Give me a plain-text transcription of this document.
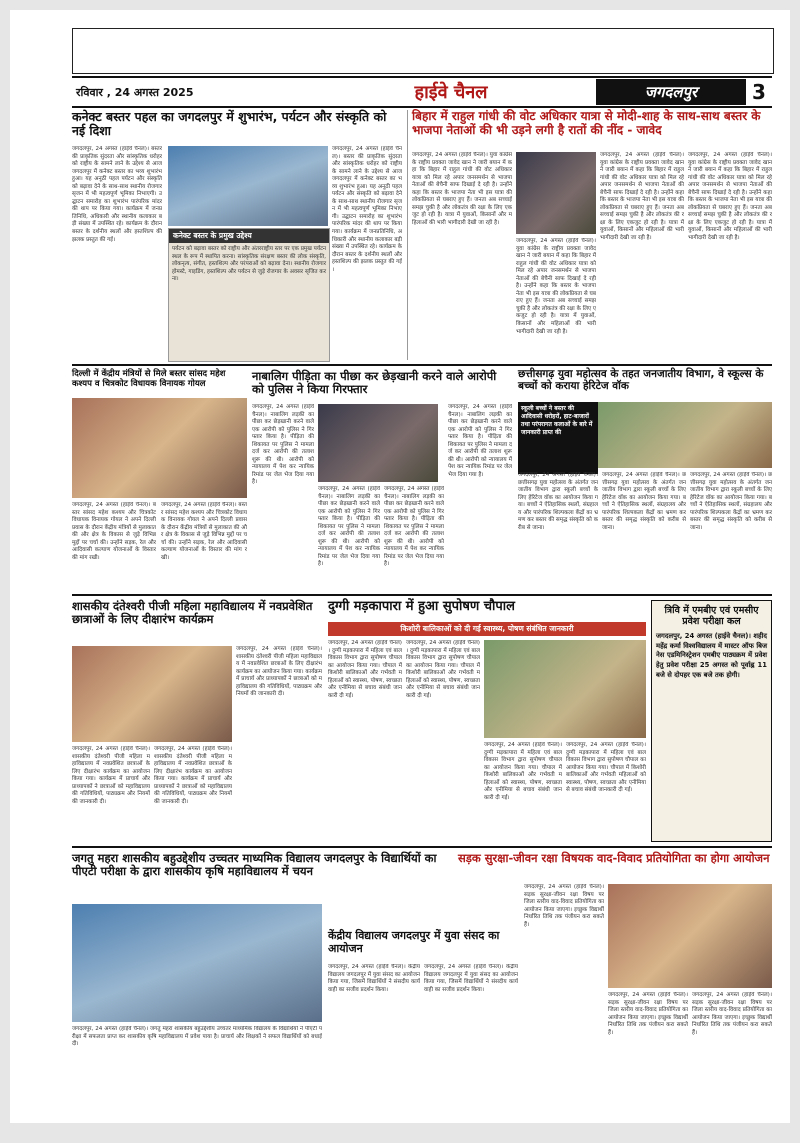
रविवार , 24 अगस्त 2025	हाईवे चैनल	जगदलपुर	3
कनेक्ट बस्तर पहल का जगदलपुर में शुभारंभ, पर्यटन और संस्कृति को नई दिशा
जगदलपुर, 24 अगस्त (हाईवे चैनल)। बस्तर की प्राकृतिक सुंदरता और सांस्कृतिक धरोहर को राष्ट्रीय के सामने लाने के उद्देश्य से आज जगदलपुर में कनेक्ट बस्तर का भव्य शुभारंभ हुआ। यह अनूठी पहल पर्यटन और संस्कृति को बढ़ावा देने के साथ-साथ स्थानीय रोजगार सृजन में भी महत्वपूर्ण भूमिका निभाएगी। उद्घाटन समारोह का शुभारंभ पारंपरिक मांदर की थाप पर किया गया। कार्यक्रम में जनप्रतिनिधि, अधिकारी और स्थानीय कलाकार बड़ी संख्या में उपस्थित रहे। कार्यक्रम के दौरान बस्तर के दर्शनीय स्थलों और हस्तशिल्प की झलक प्रस्तुत की गई।
जगदलपुर, 24 अगस्त (हाईवे चैनल)। बस्तर की प्राकृतिक सुंदरता और सांस्कृतिक धरोहर को राष्ट्रीय के सामने लाने के उद्देश्य से आज जगदलपुर में कनेक्ट बस्तर का भव्य शुभारंभ हुआ। यह अनूठी पहल पर्यटन और संस्कृति को बढ़ावा देने के साथ-साथ स्थानीय रोजगार सृजन में भी महत्वपूर्ण भूमिका निभाएगी। उद्घाटन समारोह का शुभारंभ पारंपरिक मांदर की थाप पर किया गया। कार्यक्रम में जनप्रतिनिधि, अधिकारी और स्थानीय कलाकार बड़ी संख्या में उपस्थित रहे। कार्यक्रम के दौरान बस्तर के दर्शनीय स्थलों और हस्तशिल्प की झलक प्रस्तुत की गई।
कनेक्ट बस्तर के प्रमुख उद्देश्य
पर्यटन को बढ़ावा बस्तर को राष्ट्रीय और अंतरराष्ट्रीय स्तर पर एक प्रमुख पर्यटन स्थल के रूप में स्थापित करना। सांस्कृतिक संरक्षण बस्तर की लोक संस्कृति, लोकनृत्य, संगीत, हस्तशिल्प और परंपराओं को बढ़ावा देना। स्थानीय रोजगार होमस्टे, गाइडिंग, हस्तशिल्प और पर्यटन से जुड़े रोजगार के अवसर सृजित करना।
बिहार में राहुल गांधी की वोट अधिकार यात्रा से मोदी-शाह के साथ-साथ बस्तर के भाजपा नेताओं की भी उड़ने लगी है रातों की नींद - जावेद
जगदलपुर, 24 अगस्त (हाईवे चैनल)। युवा कांग्रेस के राष्ट्रीय प्रवक्ता जावेद खान ने जारी बयान में कहा कि बिहार में राहुल गांधी की वोट अधिकार यात्रा को मिल रहे अपार जनसमर्थन से भाजपा नेताओं की बेचैनी साफ दिखाई दे रही है। उन्होंने कहा कि बस्तर के भाजपा नेता भी इस यात्रा की लोकप्रियता से घबराए हुए हैं। जनता अब सच्चाई समझ चुकी है और लोकतंत्र की रक्षा के लिए एकजुट हो रही है। यात्रा में युवाओं, किसानों और महिलाओं की भारी भागीदारी देखी जा रही है।
जगदलपुर, 24 अगस्त (हाईवे चैनल)। युवा कांग्रेस के राष्ट्रीय प्रवक्ता जावेद खान ने जारी बयान में कहा कि बिहार में राहुल गांधी की वोट अधिकार यात्रा को मिल रहे अपार जनसमर्थन से भाजपा नेताओं की बेचैनी साफ दिखाई दे रही है। उन्होंने कहा कि बस्तर के भाजपा नेता भी इस यात्रा की लोकप्रियता से घबराए हुए हैं। जनता अब सच्चाई समझ चुकी है और लोकतंत्र की रक्षा के लिए एकजुट हो रही है। यात्रा में युवाओं, किसानों और महिलाओं की भारी भागीदारी देखी जा रही है।
जगदलपुर, 24 अगस्त (हाईवे चैनल)। युवा कांग्रेस के राष्ट्रीय प्रवक्ता जावेद खान ने जारी बयान में कहा कि बिहार में राहुल गांधी की वोट अधिकार यात्रा को मिल रहे अपार जनसमर्थन से भाजपा नेताओं की बेचैनी साफ दिखाई दे रही है। उन्होंने कहा कि बस्तर के भाजपा नेता भी इस यात्रा की लोकप्रियता से घबराए हुए हैं। जनता अब सच्चाई समझ चुकी है और लोकतंत्र की रक्षा के लिए एकजुट हो रही है। यात्रा में युवाओं, किसानों और महिलाओं की भारी भागीदारी देखी जा रही है।
जगदलपुर, 24 अगस्त (हाईवे चैनल)। युवा कांग्रेस के राष्ट्रीय प्रवक्ता जावेद खान ने जारी बयान में कहा कि बिहार में राहुल गांधी की वोट अधिकार यात्रा को मिल रहे अपार जनसमर्थन से भाजपा नेताओं की बेचैनी साफ दिखाई दे रही है। उन्होंने कहा कि बस्तर के भाजपा नेता भी इस यात्रा की लोकप्रियता से घबराए हुए हैं। जनता अब सच्चाई समझ चुकी है और लोकतंत्र की रक्षा के लिए एकजुट हो रही है। यात्रा में युवाओं, किसानों और महिलाओं की भारी भागीदारी देखी जा रही है।
दिल्ली में केंद्रीय मंत्रियों से मिले बस्तर सांसद महेश कश्यप व चित्रकोट विधायक विनायक गोयल
जगदलपुर, 24 अगस्त (हाईवे चैनल)। बस्तर सांसद महेश कश्यप और चित्रकोट विधायक विनायक गोयल ने अपने दिल्ली प्रवास के दौरान केंद्रीय मंत्रियों से मुलाकात की और क्षेत्र के विकास से जुड़े विभिन्न मुद्दों पर चर्चा की। उन्होंने सड़क, रेल और आदिवासी कल्याण योजनाओं के विस्तार की मांग रखी।
जगदलपुर, 24 अगस्त (हाईवे चैनल)। बस्तर सांसद महेश कश्यप और चित्रकोट विधायक विनायक गोयल ने अपने दिल्ली प्रवास के दौरान केंद्रीय मंत्रियों से मुलाकात की और क्षेत्र के विकास से जुड़े विभिन्न मुद्दों पर चर्चा की। उन्होंने सड़क, रेल और आदिवासी कल्याण योजनाओं के विस्तार की मांग रखी।
नाबालिग पीड़िता का पीछा कर छेड़खानी करने वाले आरोपी को पुलिस ने किया गिरफ्तार
जगदलपुर, 24 अगस्त (हाईवे चैनल)। नाबालिग लड़की का पीछा कर छेड़खानी करने वाले एक आरोपी को पुलिस ने गिरफ्तार किया है। पीड़िता की शिकायत पर पुलिस ने मामला दर्ज कर आरोपी की तलाश शुरू की थी। आरोपी को न्यायालय में पेश कर न्यायिक रिमांड पर जेल भेज दिया गया है।
जगदलपुर, 24 अगस्त (हाईवे चैनल)। नाबालिग लड़की का पीछा कर छेड़खानी करने वाले एक आरोपी को पुलिस ने गिरफ्तार किया है। पीड़िता की शिकायत पर पुलिस ने मामला दर्ज कर आरोपी की तलाश शुरू की थी। आरोपी को न्यायालय में पेश कर न्यायिक रिमांड पर जेल भेज दिया गया है।
जगदलपुर, 24 अगस्त (हाईवे चैनल)। नाबालिग लड़की का पीछा कर छेड़खानी करने वाले एक आरोपी को पुलिस ने गिरफ्तार किया है। पीड़िता की शिकायत पर पुलिस ने मामला दर्ज कर आरोपी की तलाश शुरू की थी। आरोपी को न्यायालय में पेश कर न्यायिक रिमांड पर जेल भेज दिया गया है।
जगदलपुर, 24 अगस्त (हाईवे चैनल)। नाबालिग लड़की का पीछा कर छेड़खानी करने वाले एक आरोपी को पुलिस ने गिरफ्तार किया है। पीड़िता की शिकायत पर पुलिस ने मामला दर्ज कर आरोपी की तलाश शुरू की थी। आरोपी को न्यायालय में पेश कर न्यायिक रिमांड पर जेल भेज दिया गया है।
छत्तीसगढ़ युवा महोत्सव के तहत जनजातीय विभाग, वे स्कूल्स के बच्चों को कराया हेरिटेज वॉक
स्कूली बच्चों ने बस्तर की आदिवासी धरोहरों, हाट-बाजारों तथा परंपरागत कलाओं के बारे में जानकारी प्राप्त की
जगदलपुर, 24 अगस्त (हाईवे चैनल)। छत्तीसगढ़ युवा महोत्सव के अंतर्गत जनजातीय विभाग द्वारा स्कूली बच्चों के लिए हेरिटेज वॉक का आयोजन किया गया। बच्चों ने ऐतिहासिक स्थलों, संग्रहालय और पारंपरिक शिल्पकला केंद्रों का भ्रमण कर बस्तर की समृद्ध संस्कृति को करीब से जाना।
जगदलपुर, 24 अगस्त (हाईवे चैनल)। छत्तीसगढ़ युवा महोत्सव के अंतर्गत जनजातीय विभाग द्वारा स्कूली बच्चों के लिए हेरिटेज वॉक का आयोजन किया गया। बच्चों ने ऐतिहासिक स्थलों, संग्रहालय और पारंपरिक शिल्पकला केंद्रों का भ्रमण कर बस्तर की समृद्ध संस्कृति को करीब से जाना।
जगदलपुर, 24 अगस्त (हाईवे चैनल)। छत्तीसगढ़ युवा महोत्सव के अंतर्गत जनजातीय विभाग द्वारा स्कूली बच्चों के लिए हेरिटेज वॉक का आयोजन किया गया। बच्चों ने ऐतिहासिक स्थलों, संग्रहालय और पारंपरिक शिल्पकला केंद्रों का भ्रमण कर बस्तर की समृद्ध संस्कृति को करीब से जाना।
शासकीय दंतेश्वरी पीजी महिला महाविद्यालय में नवप्रवेशित छात्राओं के लिए दीक्षारंभ कार्यक्रम
जगदलपुर, 24 अगस्त (हाईवे चैनल)। शासकीय दंतेश्वरी पीजी महिला महाविद्यालय में नवप्रवेशित छात्राओं के लिए दीक्षारंभ कार्यक्रम का आयोजन किया गया। कार्यक्रम में प्राचार्य और प्राध्यापकों ने छात्राओं को महाविद्यालय की गतिविधियों, पाठ्यक्रम और नियमों की जानकारी दी।
जगदलपुर, 24 अगस्त (हाईवे चैनल)। शासकीय दंतेश्वरी पीजी महिला महाविद्यालय में नवप्रवेशित छात्राओं के लिए दीक्षारंभ कार्यक्रम का आयोजन किया गया। कार्यक्रम में प्राचार्य और प्राध्यापकों ने छात्राओं को महाविद्यालय की गतिविधियों, पाठ्यक्रम और नियमों की जानकारी दी।
जगदलपुर, 24 अगस्त (हाईवे चैनल)। शासकीय दंतेश्वरी पीजी महिला महाविद्यालय में नवप्रवेशित छात्राओं के लिए दीक्षारंभ कार्यक्रम का आयोजन किया गया। कार्यक्रम में प्राचार्य और प्राध्यापकों ने छात्राओं को महाविद्यालय की गतिविधियों, पाठ्यक्रम और नियमों की जानकारी दी।
दुग्गी मड़कापारा में हुआ सुपोषण चौपाल
किशोरी बालिकाओं को दी गई स्वास्थ्य, पोषण संबंधित जानकारी
जगदलपुर, 24 अगस्त (हाईवे चैनल)। दुग्गी मड़कापारा में महिला एवं बाल विकास विभाग द्वारा सुपोषण चौपाल का आयोजन किया गया। चौपाल में किशोरी बालिकाओं और गर्भवती महिलाओं को स्वास्थ्य, पोषण, स्वच्छता और एनीमिया से बचाव संबंधी जानकारी दी गई।
जगदलपुर, 24 अगस्त (हाईवे चैनल)। दुग्गी मड़कापारा में महिला एवं बाल विकास विभाग द्वारा सुपोषण चौपाल का आयोजन किया गया। चौपाल में किशोरी बालिकाओं और गर्भवती महिलाओं को स्वास्थ्य, पोषण, स्वच्छता और एनीमिया से बचाव संबंधी जानकारी दी गई।
जगदलपुर, 24 अगस्त (हाईवे चैनल)। दुग्गी मड़कापारा में महिला एवं बाल विकास विभाग द्वारा सुपोषण चौपाल का आयोजन किया गया। चौपाल में किशोरी बालिकाओं और गर्भवती महिलाओं को स्वास्थ्य, पोषण, स्वच्छता और एनीमिया से बचाव संबंधी जानकारी दी गई।
जगदलपुर, 24 अगस्त (हाईवे चैनल)। दुग्गी मड़कापारा में महिला एवं बाल विकास विभाग द्वारा सुपोषण चौपाल का आयोजन किया गया। चौपाल में किशोरी बालिकाओं और गर्भवती महिलाओं को स्वास्थ्य, पोषण, स्वच्छता और एनीमिया से बचाव संबंधी जानकारी दी गई।
त्रिवि में एमबीए एवं एमसीए प्रवेश परीक्षा कल
जगदलपुर, 24 अगस्त (हाईवे चैनल)। शहीद महेंद्र कर्मा विश्वविद्यालय में मास्टर ऑफ बिजनेस एडमिनिस्ट्रेशन एमबीए पाठ्यक्रम में प्रवेश हेतु प्रवेश परीक्षा 25 अगस्त को पूर्वाह्न 11 बजे से दोपहर एक बजे तक होगी।
जगतु महरा शासकीय बहुउद्देशीय उच्चतर माध्यमिक विद्यालय जगदलपुर के विद्यार्थियों का पीएटी परीक्षा के द्वारा शासकीय कृषि महाविद्यालय में चयन
जगदलपुर, 24 अगस्त (हाईवे चैनल)। जगतु महरा शासकीय बहुउद्देशीय उच्चतर माध्यमिक विद्यालय के विद्यार्थियों ने पीएटी परीक्षा में सफलता प्राप्त कर शासकीय कृषि महाविद्यालय में प्रवेश पाया है। प्राचार्य और शिक्षकों ने सफल विद्यार्थियों को बधाई दी।
केंद्रीय विद्यालय जगदलपुर में युवा संसद का आयोजन
जगदलपुर, 24 अगस्त (हाईवे चैनल)। केंद्रीय विद्यालय जगदलपुर में युवा संसद का आयोजन किया गया, जिसमें विद्यार्थियों ने संसदीय कार्यवाही का सजीव प्रदर्शन किया।
जगदलपुर, 24 अगस्त (हाईवे चैनल)। केंद्रीय विद्यालय जगदलपुर में युवा संसद का आयोजन किया गया, जिसमें विद्यार्थियों ने संसदीय कार्यवाही का सजीव प्रदर्शन किया।
सड़क सुरक्षा-जीवन रक्षा विषयक वाद-विवाद प्रतियोगिता का होगा आयोजन
जगदलपुर, 24 अगस्त (हाईवे चैनल)। सड़क सुरक्षा-जीवन रक्षा विषय पर जिला स्तरीय वाद-विवाद प्रतियोगिता का आयोजन किया जाएगा। इच्छुक विद्यार्थी निर्धारित तिथि तक पंजीयन करा सकते हैं।
जगदलपुर, 24 अगस्त (हाईवे चैनल)। सड़क सुरक्षा-जीवन रक्षा विषय पर जिला स्तरीय वाद-विवाद प्रतियोगिता का आयोजन किया जाएगा। इच्छुक विद्यार्थी निर्धारित तिथि तक पंजीयन करा सकते हैं।
जगदलपुर, 24 अगस्त (हाईवे चैनल)। सड़क सुरक्षा-जीवन रक्षा विषय पर जिला स्तरीय वाद-विवाद प्रतियोगिता का आयोजन किया जाएगा। इच्छुक विद्यार्थी निर्धारित तिथि तक पंजीयन करा सकते हैं।
